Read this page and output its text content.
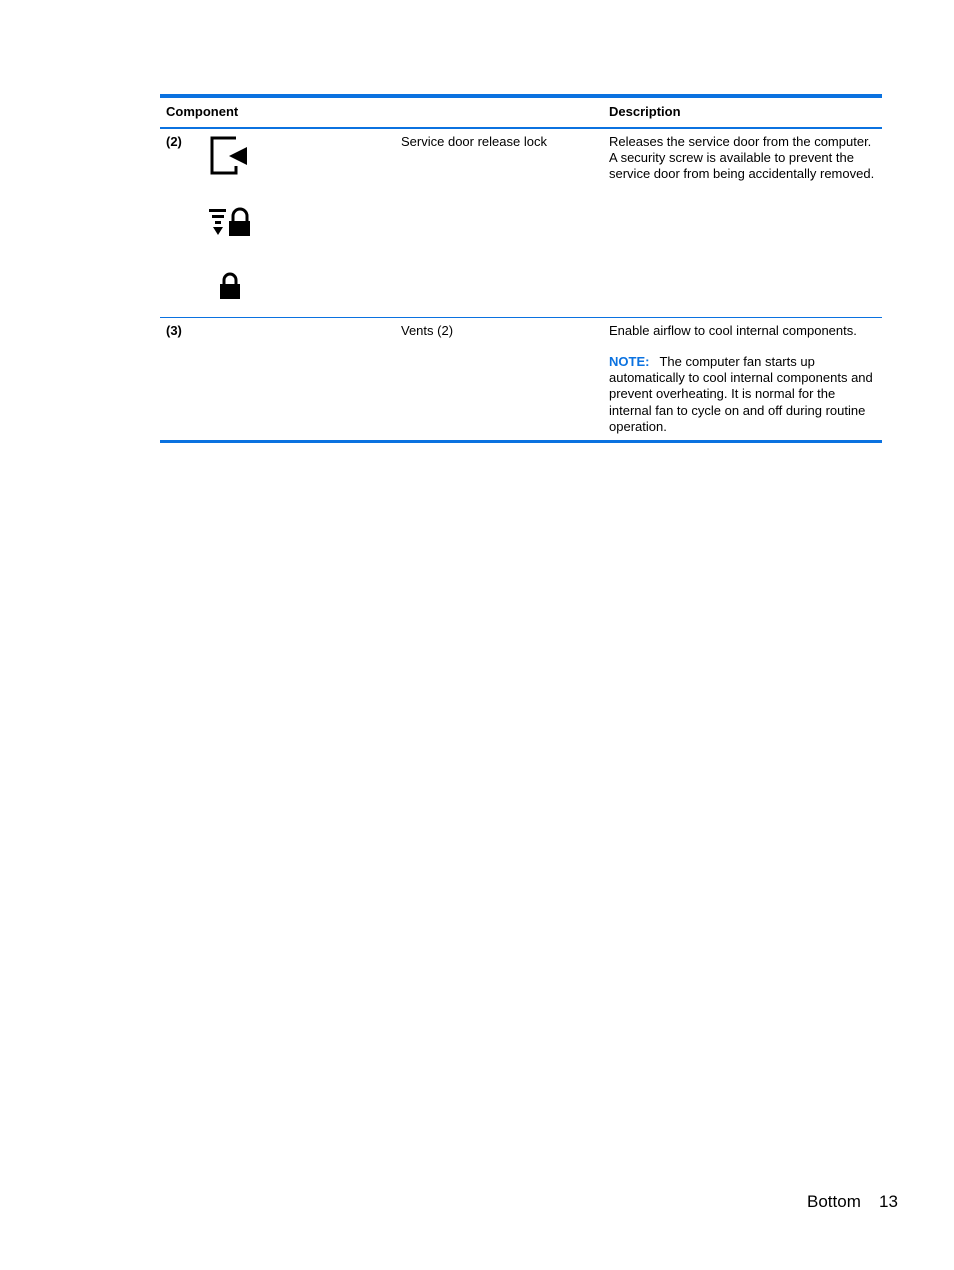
Component	Description
(2)	Service door release lock	Releases the service door from the computer. A security screw is available to prevent the service door from being accidentally removed.
(3)	Vents (2)	Enable airflow to cool internal components.
NOTE: The computer fan starts up automatically to cool internal components and prevent overheating. It is normal for the internal fan to cycle on and off during routine operation.
Bottom 13
